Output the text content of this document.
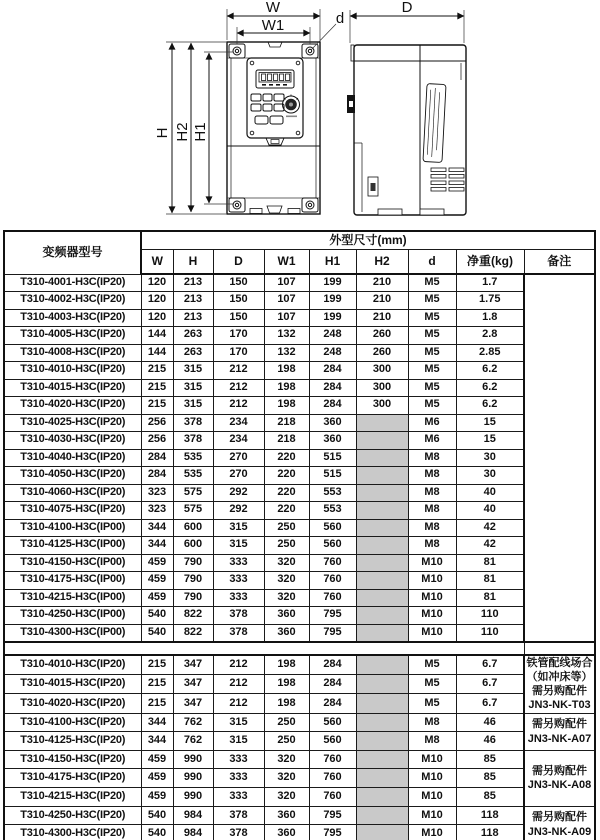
W
W1	d
H H2 H1
D
变频器型号	外型尺寸(mm)								
	W	H	D	W1	H1	H2	d	净重(kg)	备注
T310-4001-H3C(IP20)	120	213	150	107	199	210	M5	1.7	
T310-4002-H3C(IP20)	120	213	150	107	199	210	M5	1.75	
T310-4003-H3C(IP20)	120	213	150	107	199	210	M5	1.8	
T310-4005-H3C(IP20)	144	263	170	132	248	260	M5	2.8	
T310-4008-H3C(IP20)	144	263	170	132	248	260	M5	2.85	
T310-4010-H3C(IP20)	215	315	212	198	284	300	M5	6.2	
T310-4015-H3C(IP20)	215	315	212	198	284	300	M5	6.2	
T310-4020-H3C(IP20)	215	315	212	198	284	300	M5	6.2	
T310-4025-H3C(IP20)	256	378	234	218	360		M6	15	
T310-4030-H3C(IP20)	256	378	234	218	360		M6	15	
T310-4040-H3C(IP20)	284	535	270	220	515		M8	30	
T310-4050-H3C(IP20)	284	535	270	220	515		M8	30	
T310-4060-H3C(IP20)	323	575	292	220	553		M8	40	
T310-4075-H3C(IP20)	323	575	292	220	553		M8	40	
T310-4100-H3C(IP00)	344	600	315	250	560		M8	42	
T310-4125-H3C(IP00)	344	600	315	250	560		M8	42	
T310-4150-H3C(IP00)	459	790	333	320	760		M10	81	
T310-4175-H3C(IP00)	459	790	333	320	760		M10	81	
T310-4215-H3C(IP00)	459	790	333	320	760		M10	81	
T310-4250-H3C(IP00)	540	822	378	360	795		M10	110	
T310-4300-H3C(IP00)	540	822	378	360	795		M10	110	

T310-4010-H3C(IP20)	215	347	212	198	284		M5	6.7	铁管配线场合
（如冲床等）
需另购配件
JN3-NK-T03

T310-4015-H3C(IP20)	215	347	212	198	284		M5	6.7	
T310-4020-H3C(IP20)	215	347	212	198	284		M5	6.7	
T310-4100-H3C(IP20)	344	762	315	250	560		M8	46	需另购配件
JN3-NK-A07

T310-4125-H3C(IP20)	344	762	315	250	560		M8	46	
T310-4150-H3C(IP20)	459	990	333	320	760		M10	85	需另购配件
JN3-NK-A08

T310-4175-H3C(IP20)	459	990	333	320	760		M10	85	
T310-4215-H3C(IP20)	459	990	333	320	760		M10	85	
T310-4250-H3C(IP20)	540	984	378	360	795		M10	118	需另购配件
JN3-NK-A09

T310-4300-H3C(IP20)	540	984	378	360	795		M10	118	
